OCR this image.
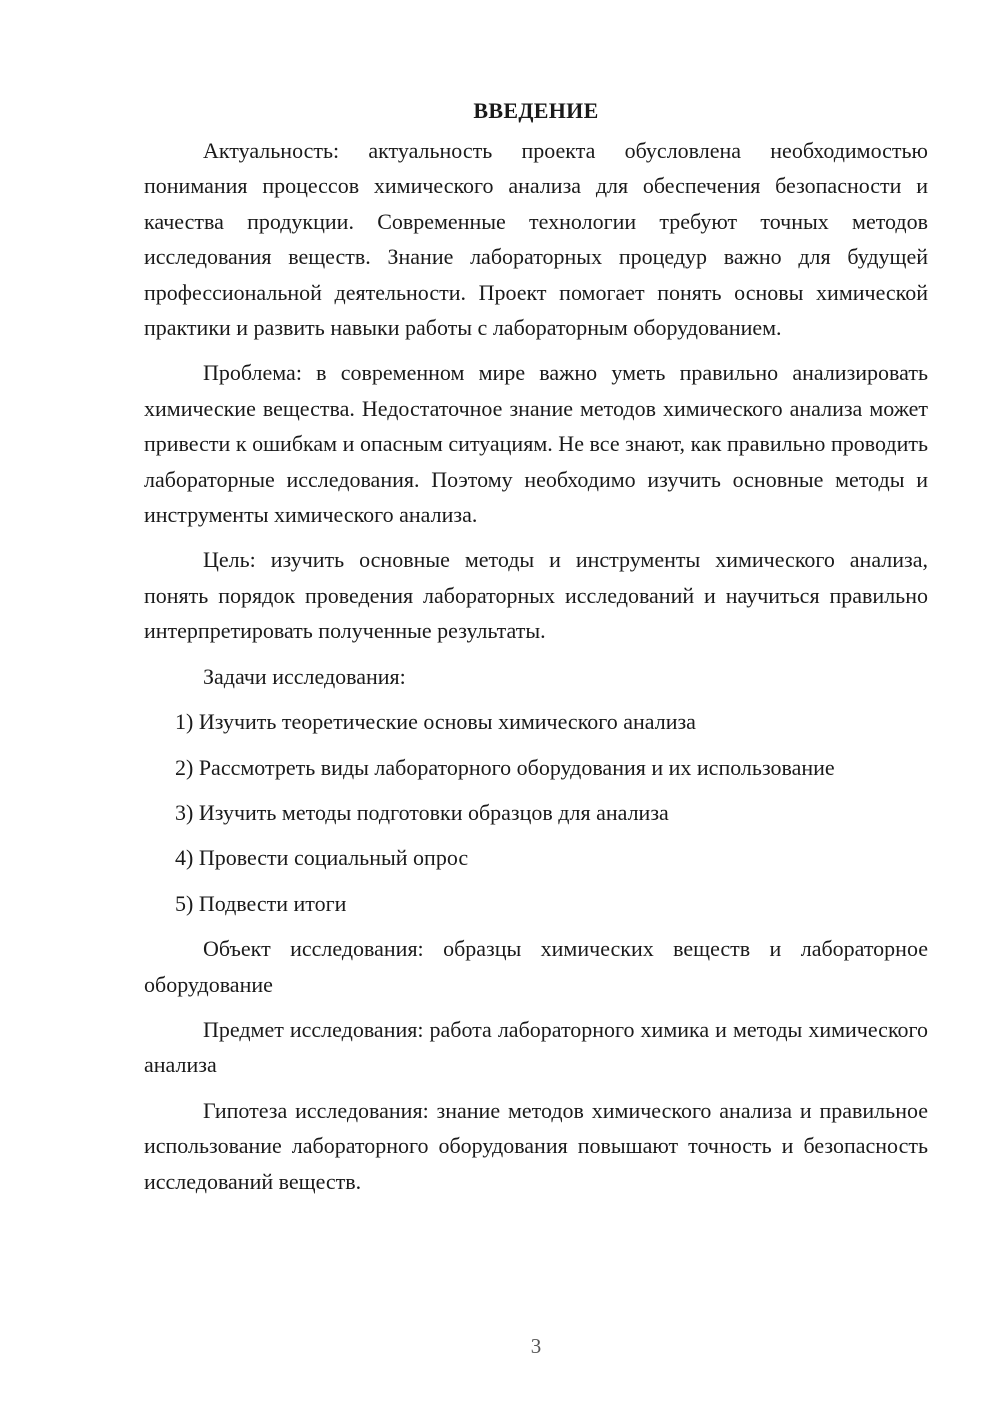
ВВЕДЕНИЕ

Актуальность: актуальность проекта обусловлена необходимостью понимания процессов химического анализа для обеспечения безопасности и качества продукции. Современные технологии требуют точных методов исследования веществ. Знание лабораторных процедур важно для будущей профессиональной деятельности. Проект помогает понять основы химической практики и развить навыки работы с лабораторным оборудованием.

Проблема: в современном мире важно уметь правильно анализировать химические вещества. Недостаточное знание методов химического анализа может привести к ошибкам и опасным ситуациям. Не все знают, как правильно проводить лабораторные исследования. Поэтому необходимо изучить основные методы и инструменты химического анализа.

Цель: изучить основные методы и инструменты химического анализа, понять порядок проведения лабораторных исследований и научиться правильно интерпретировать полученные результаты.

Задачи исследования:

1) Изучить теоретические основы химического анализа
2) Рассмотреть виды лабораторного оборудования и их использование
3) Изучить методы подготовки образцов для анализа
4) Провести социальный опрос
5) Подвести итоги

Объект исследования: образцы химических веществ и лабораторное оборудование

Предмет исследования: работа лабораторного химика и методы химического анализа

Гипотеза исследования: знание методов химического анализа и правильное использование лабораторного оборудования повышают точность и безопасность исследований веществ.

3
